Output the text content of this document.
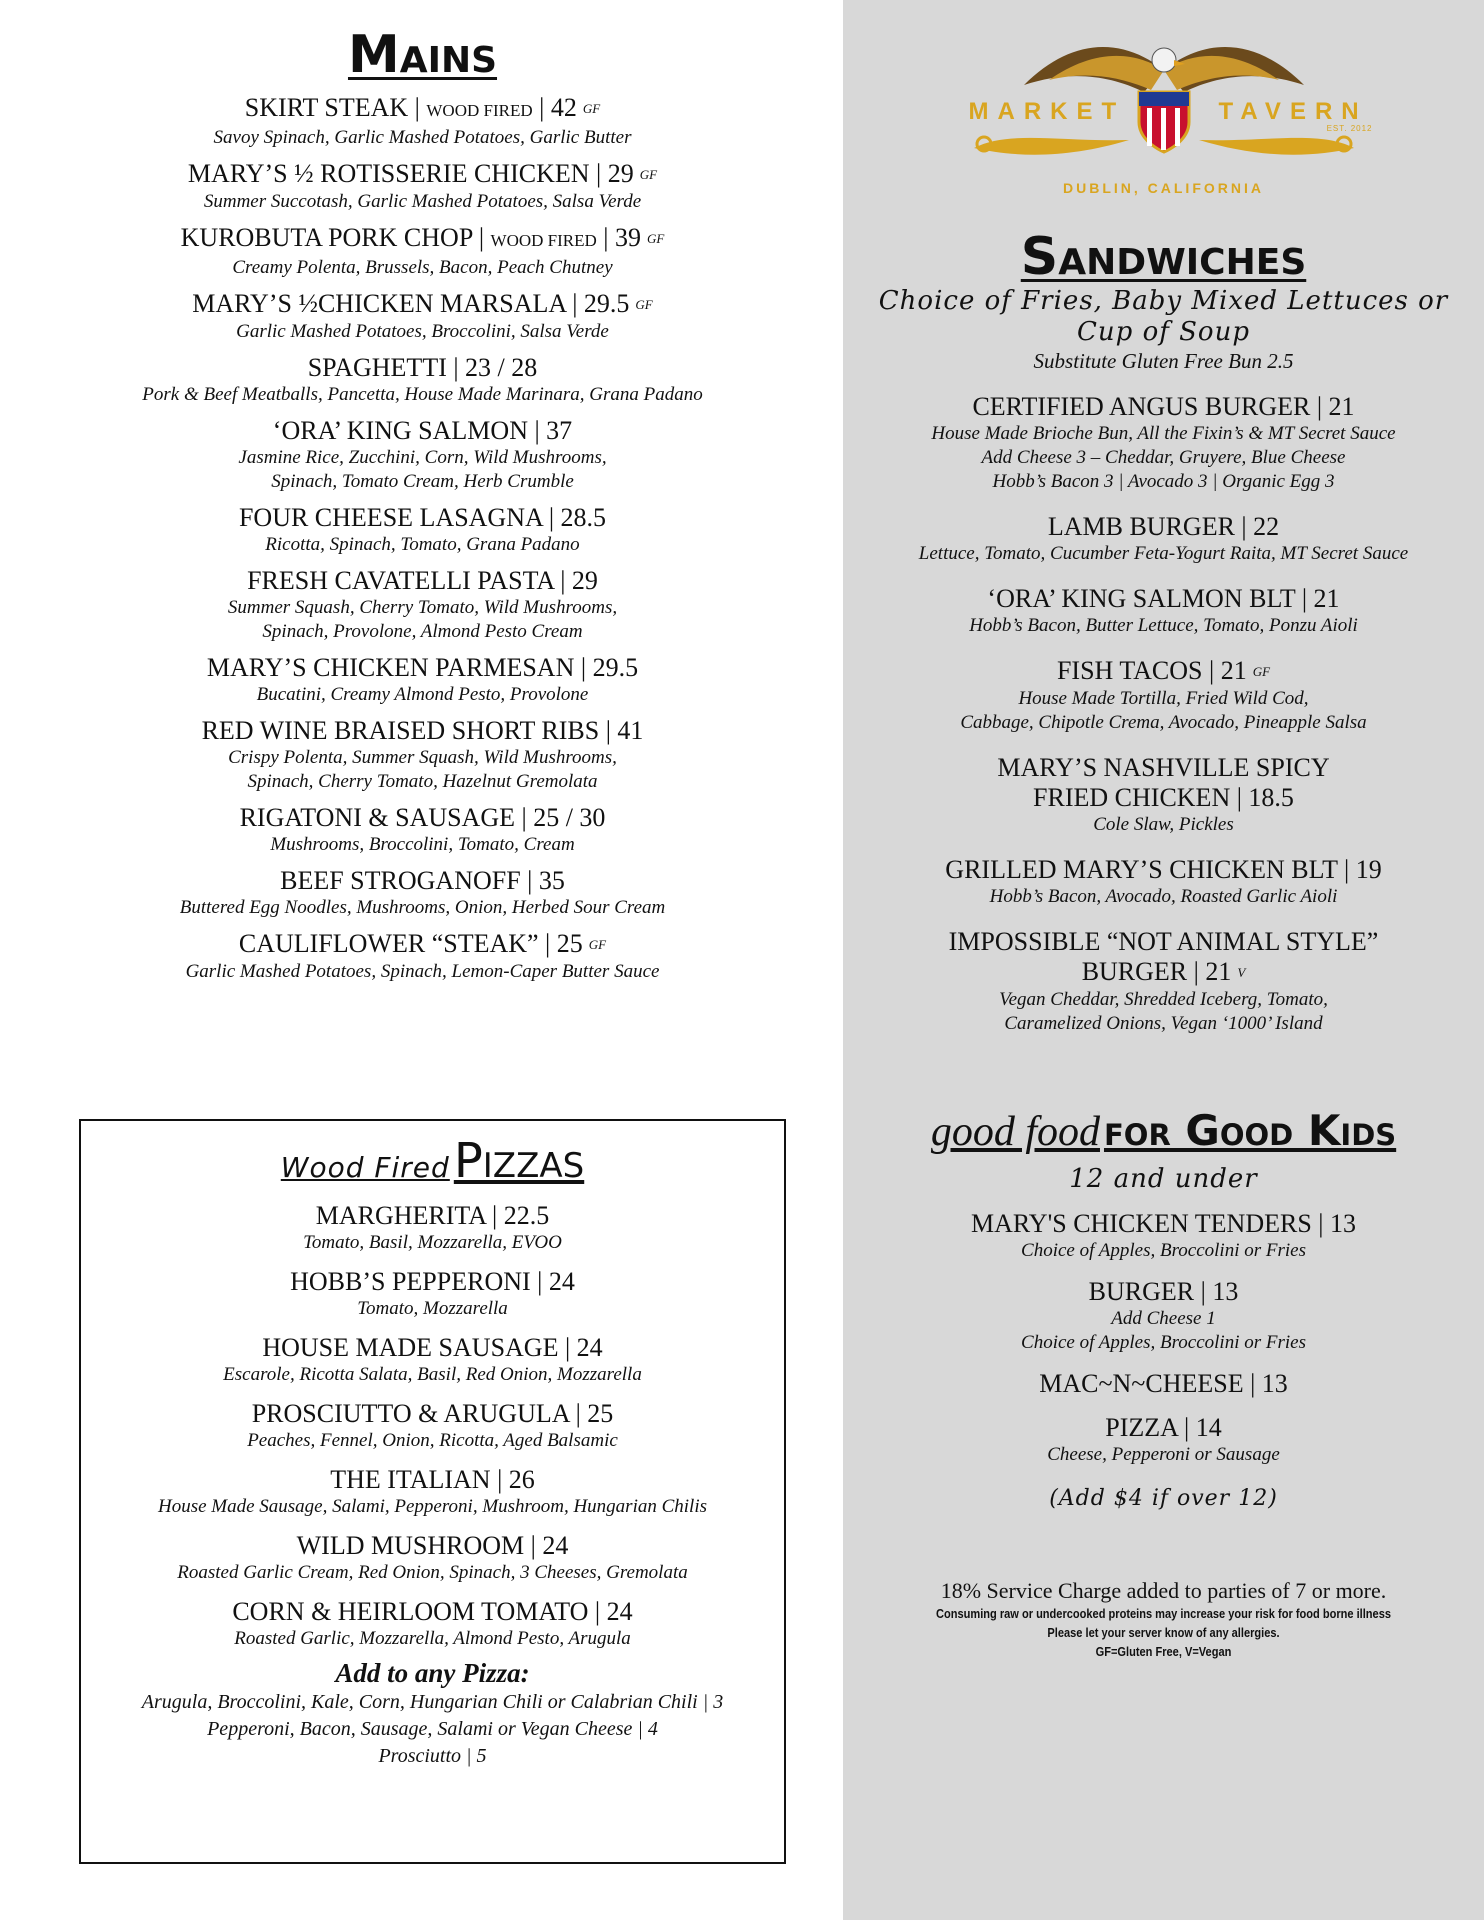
Mains
SKIRT STEAK | WOOD FIRED | 42 GF
Savoy Spinach, Garlic Mashed Potatoes, Garlic Butter
MARY’S ½ ROTISSERIE CHICKEN | 29 GF
Summer Succotash, Garlic Mashed Potatoes, Salsa Verde
KUROBUTA PORK CHOP | WOOD FIRED | 39 GF
Creamy Polenta, Brussels, Bacon, Peach Chutney
MARY’S ½CHICKEN MARSALA | 29.5 GF
Garlic Mashed Potatoes, Broccolini, Salsa Verde
SPAGHETTI | 23 / 28
Pork & Beef Meatballs, Pancetta, House Made Marinara, Grana Padano
‘ORA’ KING SALMON | 37
Jasmine Rice, Zucchini, Corn, Wild Mushrooms,
Spinach, Tomato Cream, Herb Crumble
FOUR CHEESE LASAGNA | 28.5
Ricotta, Spinach, Tomato, Grana Padano
FRESH CAVATELLI PASTA | 29
Summer Squash, Cherry Tomato, Wild Mushrooms,
Spinach, Provolone, Almond Pesto Cream
MARY’S CHICKEN PARMESAN | 29.5
Bucatini, Creamy Almond Pesto, Provolone
RED WINE BRAISED SHORT RIBS | 41
Crispy Polenta, Summer Squash, Wild Mushrooms,
Spinach, Cherry Tomato, Hazelnut Gremolata
RIGATONI & SAUSAGE | 25 / 30
Mushrooms, Broccolini, Tomato, Cream
BEEF STROGANOFF | 35
Buttered Egg Noodles, Mushrooms, Onion, Herbed Sour Cream
CAULIFLOWER “STEAK” | 25 GF
Garlic Mashed Potatoes, Spinach, Lemon-Caper Butter Sauce
Wood Fired Pizzas
MARGHERITA | 22.5
Tomato, Basil, Mozzarella, EVOO
HOBB’S PEPPERONI | 24
Tomato, Mozzarella
HOUSE MADE SAUSAGE | 24
Escarole, Ricotta Salata, Basil, Red Onion, Mozzarella
PROSCIUTTO & ARUGULA | 25
Peaches, Fennel, Onion, Ricotta, Aged Balsamic
THE ITALIAN | 26
House Made Sausage, Salami, Pepperoni, Mushroom, Hungarian Chilis
WILD MUSHROOM | 24
Roasted Garlic Cream, Red Onion, Spinach, 3 Cheeses, Gremolata
CORN & HEIRLOOM TOMATO | 24
Roasted Garlic, Mozzarella, Almond Pesto, Arugula
Add to any Pizza:
Arugula, Broccolini, Kale, Corn, Hungarian Chili or Calabrian Chili | 3
Pepperoni, Bacon, Sausage, Salami or Vegan Cheese | 4
Prosciutto | 5
MARKET	TAVERN
EST. 2012
DUBLIN, CALIFORNIA
Sandwiches
Choice of Fries, Baby Mixed Lettuces or
Cup of Soup
Substitute Gluten Free Bun 2.5
CERTIFIED ANGUS BURGER | 21
House Made Brioche Bun, All the Fixin’s & MT Secret Sauce
Add Cheese 3 – Cheddar, Gruyere, Blue Cheese
Hobb’s Bacon 3 | Avocado 3 | Organic Egg 3
LAMB BURGER | 22
Lettuce, Tomato, Cucumber Feta-Yogurt Raita, MT Secret Sauce
‘ORA’ KING SALMON BLT | 21
Hobb’s Bacon, Butter Lettuce, Tomato, Ponzu Aioli
FISH TACOS | 21 GF
House Made Tortilla, Fried Wild Cod,
Cabbage, Chipotle Crema, Avocado, Pineapple Salsa
MARY’S NASHVILLE SPICY
FRIED CHICKEN | 18.5
Cole Slaw, Pickles
GRILLED MARY’S CHICKEN BLT | 19
Hobb’s Bacon, Avocado, Roasted Garlic Aioli
IMPOSSIBLE “NOT ANIMAL STYLE”
BURGER | 21 V
Vegan Cheddar, Shredded Iceberg, Tomato,
Caramelized Onions, Vegan ‘1000’ Island
good food for Good Kids
12 and under
MARY'S CHICKEN TENDERS | 13
Choice of Apples, Broccolini or Fries
BURGER | 13
Add Cheese 1
Choice of Apples, Broccolini or Fries
MAC~N~CHEESE | 13
PIZZA | 14
Cheese, Pepperoni or Sausage
(Add $4 if over 12)
18% Service Charge added to parties of 7 or more.
Consuming raw or undercooked proteins may increase your risk for food borne illness
Please let your server know of any allergies.
GF=Gluten Free, V=Vegan
